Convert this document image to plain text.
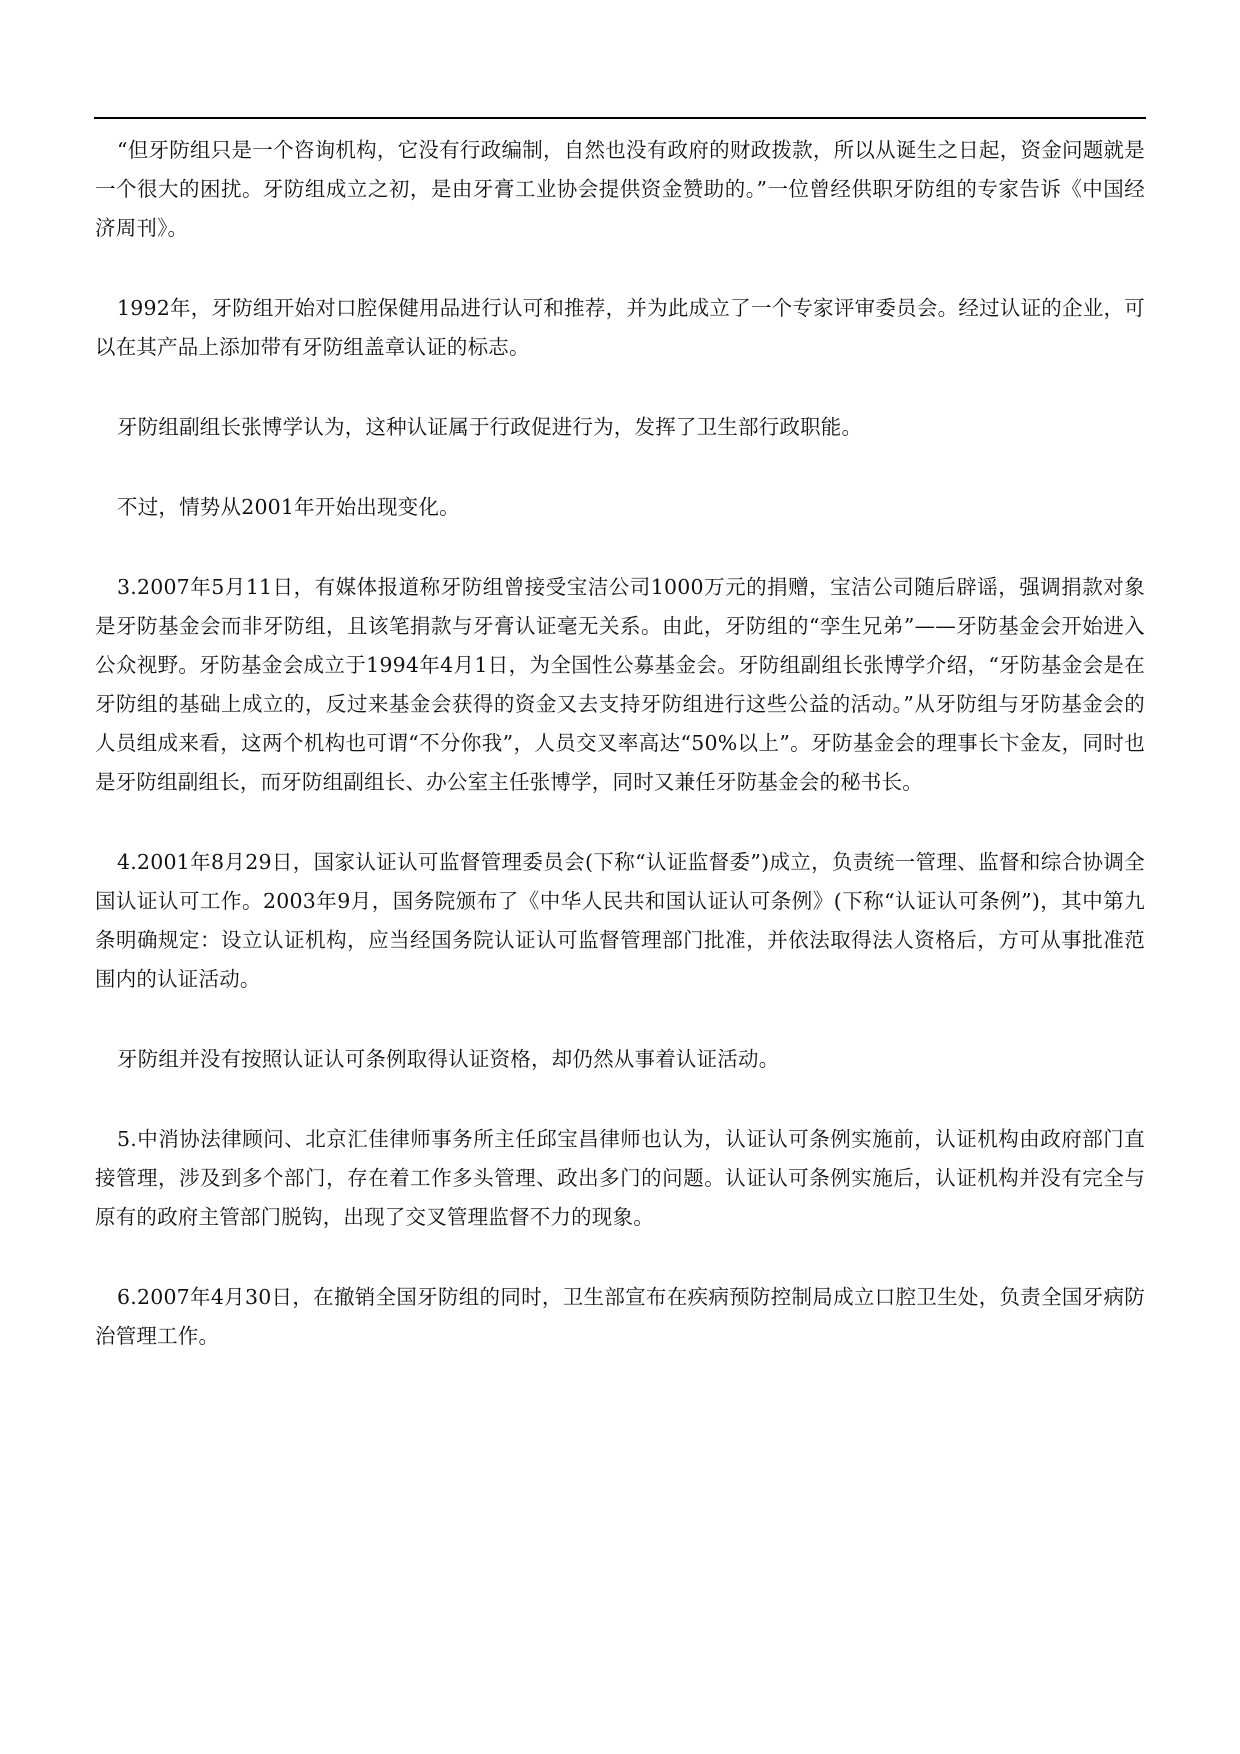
“但牙防组只是一个咨询机构，它没有行政编制，自然也没有政府的财政拨款，所以从诞生之日起，资金问题就是一个很大的困扰。牙防组成立之初，是由牙膏工业协会提供资金赞助的。”一位曾经供职牙防组的专家告诉《中国经济周刊》。

1992年，牙防组开始对口腔保健用品进行认可和推荐，并为此成立了一个专家评审委员会。经过认证的企业，可以在其产品上添加带有牙防组盖章认证的标志。

牙防组副组长张博学认为，这种认证属于行政促进行为，发挥了卫生部行政职能。

不过，情势从2001年开始出现变化。

3.2007年5月11日，有媒体报道称牙防组曾接受宝洁公司1000万元的捐赠，宝洁公司随后辟谣，强调捐款对象是牙防基金会而非牙防组，且该笔捐款与牙膏认证毫无关系。由此，牙防组的“孪生兄弟”——牙防基金会开始进入公众视野。牙防基金会成立于1994年4月1日，为全国性公募基金会。牙防组副组长张博学介绍，“牙防基金会是在牙防组的基础上成立的，反过来基金会获得的资金又去支持牙防组进行这些公益的活动。”从牙防组与牙防基金会的人员组成来看，这两个机构也可谓“不分你我”，人员交叉率高达“50%以上”。牙防基金会的理事长卞金友，同时也是牙防组副组长，而牙防组副组长、办公室主任张博学，同时又兼任牙防基金会的秘书长。

4.2001年8月29日，国家认证认可监督管理委员会(下称“认证监督委”)成立，负责统一管理、监督和综合协调全国认证认可工作。2003年9月，国务院颁布了《中华人民共和国认证认可条例》(下称“认证认可条例”)，其中第九条明确规定：设立认证机构，应当经国务院认证认可监督管理部门批准，并依法取得法人资格后，方可从事批准范围内的认证活动。

牙防组并没有按照认证认可条例取得认证资格，却仍然从事着认证活动。

5.中消协法律顾问、北京汇佳律师事务所主任邱宝昌律师也认为，认证认可条例实施前，认证机构由政府部门直接管理，涉及到多个部门，存在着工作多头管理、政出多门的问题。认证认可条例实施后，认证机构并没有完全与原有的政府主管部门脱钩，出现了交叉管理监督不力的现象。

6.2007年4月30日，在撤销全国牙防组的同时，卫生部宣布在疾病预防控制局成立口腔卫生处，负责全国牙病防治管理工作。
